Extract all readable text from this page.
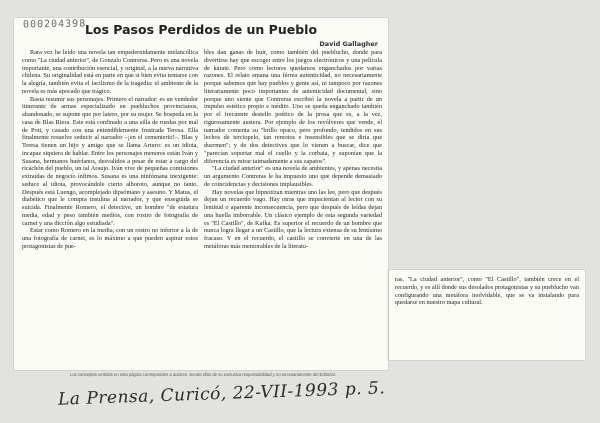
000204398
Los Pasos Perdidos de un Pueblo
David Gallagher

Rara vez he leído una novela tan empedernidamente melancólica como "La ciudad anterior", de Gonzalo Contreras. Pero es una novela importante, una contribución esencial, y original, a la nueva narrativa chilena. Su originalidad está en parte en que si bien evita tentarse con la alegría, también evita el facilismo de la tragedia: el ambiente de la novela es más apocado que trágico.

Basta resumir sus personajes. Primero el narrador: es un vendedor itinerante de armas especializado en puebluchos provincianos, abandonado, se supone que por latero, por su mujer. Se hospeda en la casa de Blas Riera. Este está confinado a una silla de ruedas por mal de Pott, y casado con una entendiblemente frustrada Teresa. Ella finalmente resuelve seducir al narrador –¡en el cementerio!–. Blas y Teresa tienen un hijo y amigo que se llama Arturo: es un idiota, incapaz siquiera de hablar. Entre los personajes menores están Iván y Susana, hermanos huérfanos, desvalidos a pesar de estar a cargo del ricachón del pueblo, un tal Araujo. Iván vive de pequeñas comisiones extraídas de negocio ínfimos. Susana es una ninfómana inexigente: seduce al idiota, provocándole cierto alboroto, aunque no tanto. Después está Luengo, acomplejado dipsómano y asesino. Y Matus, el diabético que le compra insulina al narrador, y que enseguida se suicida. Finalmente Romero, el detective, un hombre "de estatura media, edad y peso también medios, con rostro de fotografía de carnet y una dicción algo estudiada".

Estar como Romero en la media, con un rostro no inferior a la de una fotografía de carnet, es lo máximo a que pueden aspirar estos protagonistas de pue-

bles dan ganas de huir, como también del pueblucho, donde para divertirse hay que escoger entre los juegos electrónicos y una película de karate. Pero como lectores quedamos enganchados por varias razones. El relato emana una férrea autenticidad, no necesariamente porque sabemos que hay pueblos y gente así, ni tampoco por razones literariamente poco importantes de autenticidad documental, sino porque uno siente que Contreras escribió la novela a partir de un impulso estético propio e inédito. Uno se queda enganchado también por el frecuente destello poético de la prosa que es, a la vez, rigurosamente austera. Por ejemplo de los revólveres que vende, el narrador comenta su "brillo opaco, pero profundo, tendidos en sus lechos de terciopelo, tan remotos e insensibles que se diría que duermen"; y de dos detectives que lo vienen a buscar, dice que "parecían soportar mal el cuello y la corbata, y suponían que la diferencia es mirar taimadamente a sus zapatos".

"La ciudad anterior" es una novela de ambientes, y apenas necesita un argumento Contreras le ha impuesto uno que depende demasiado de coincidencias y decisiones implausibles.

Hay novelas que hipnotizan mientras uno las lee, pero que después dejan un recuerdo vago. Hay otras que impacientan al lector con su lentitud o aparente inconsecuencia, pero que después de leídas dejan una huella imborrable. Un clásico ejemplo de esta segunda variedad es "El Castillo", de Kafka. Es superior el recuerdo de un hombre que nunca logra llegar a un Castillo, que la lectura extensa de su lentísimo fracaso. Y en el recuerdo, el castillo se convierte en una de las metáforas más memorables de la literatu-

ras. "La ciudad anterior", como "El Castillo", también crece en el recuerdo, y es allí donde sus desolados protagonistas y su pueblucho van configurando una metáfora inolvidable, que se va instalando para quedarse en nuestro mapa cultural.

Los conceptos vertidos en esta página corresponden a autores, siendo ellos de su exclusiva responsabilidad y no necesariamente del Editorial.
La Prensa, Curicó, 22-VII-1993 p. 5.
